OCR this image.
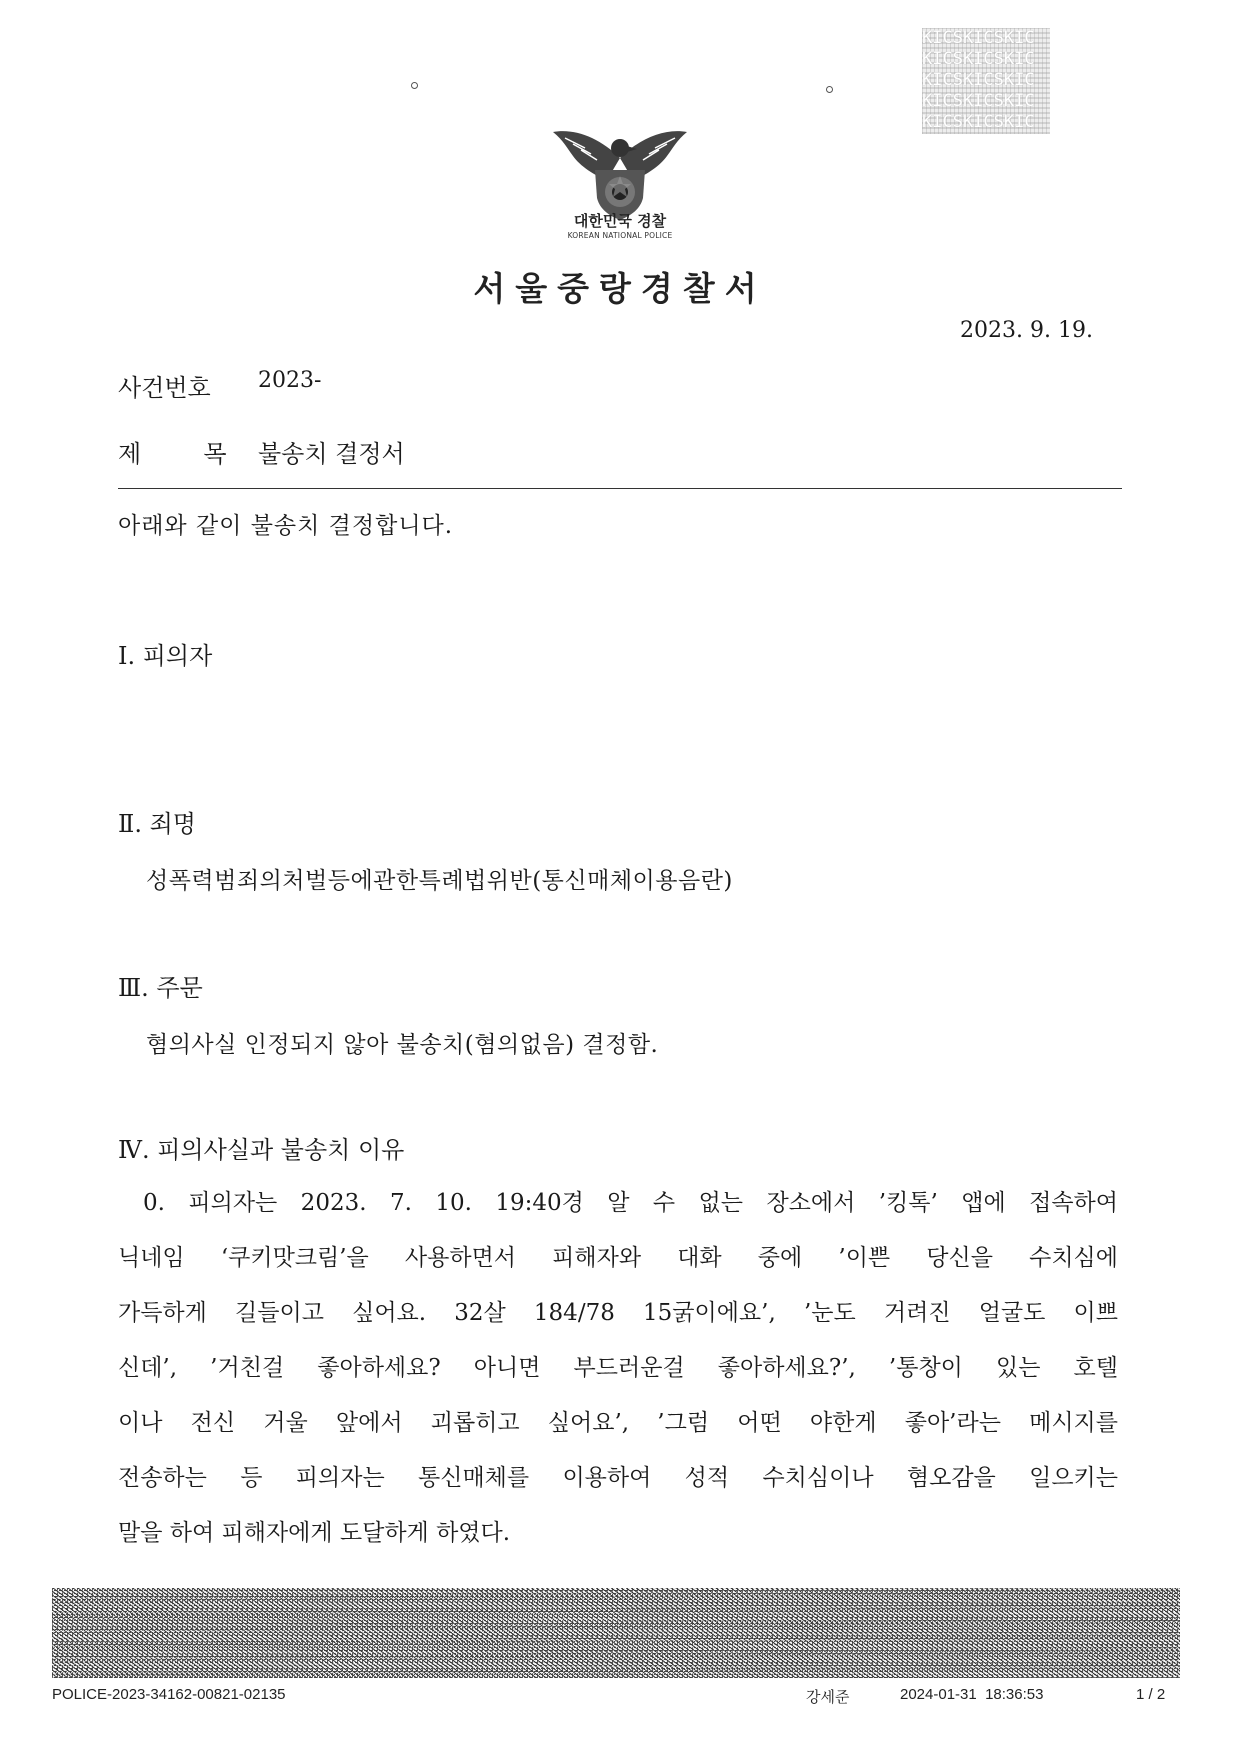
KICSKICSKIC
KICSKICSKIC
KICSKICSKIC
KICSKICSKIC
KICSKICSKIC
대한민국 경찰
KOREAN NATIONAL POLICE
서울중랑경찰서
2023. 9. 19.
사건번호 2023-
제     목 불송치 결정서
아래와 같이 불송치 결정합니다.
Ⅰ. 피의자
Ⅱ. 죄명
성폭력범죄의처벌등에관한특례법위반(통신매체이용음란)
Ⅲ. 주문
혐의사실 인정되지 않아 불송치(혐의없음) 결정함.
Ⅳ. 피의사실과 불송치 이유
0. 피의자는 2023. 7. 10. 19:40경 알 수 없는 장소에서 ’킹톡’ 앱에 접속하여
닉네임 ‘쿠키맛크림’을 사용하면서 피해자와 대화 중에 ’이쁜 당신을 수치심에
가득하게 길들이고 싶어요. 32살 184/78 15굵이에요’, ’눈도 거려진 얼굴도 이쁘
신데’, ’거친걸 좋아하세요? 아니면 부드러운걸 좋아하세요?’, ’통창이 있는 호텔
이나 전신 거울 앞에서 괴롭히고 싶어요’, ’그럼 어떤 야한게 좋아’라는 메시지를
전송하는 등 피의자는 통신매체를 이용하여 성적 수치심이나 혐오감을 일으키는
말을 하여 피해자에게 도달하게 하였다.
POLICE-2023-34162-00821-02135	강세준	2024-01-31  18:36:53	1 / 2
